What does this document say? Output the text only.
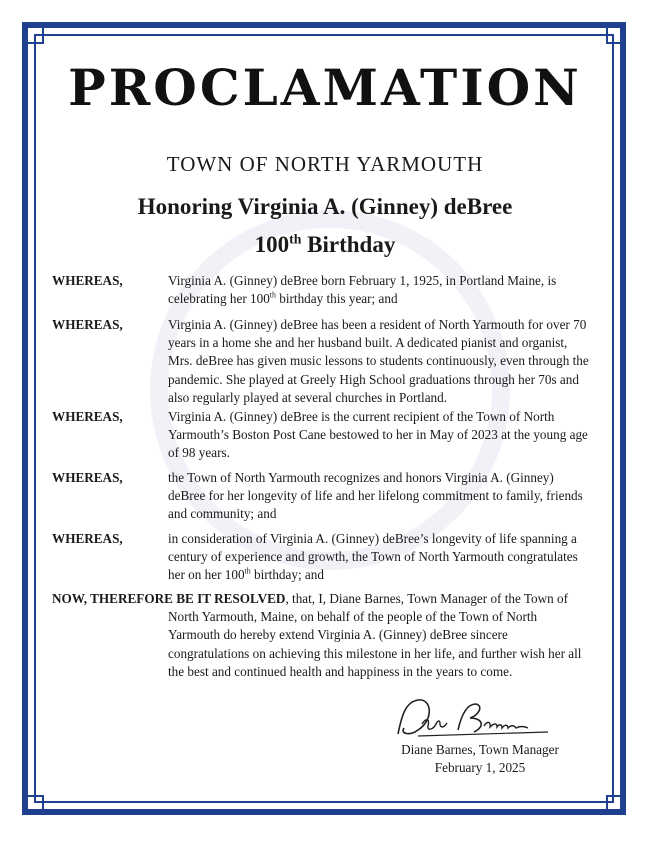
PROCLAMATION
TOWN OF NORTH YARMOUTH
Honoring Virginia A. (Ginney) deBree
100th Birthday
WHEREAS,	Virginia A. (Ginney) deBree born February 1, 1925, in Portland Maine, is celebrating her 100th birthday this year; and
WHEREAS,	Virginia A. (Ginney) deBree has been a resident of North Yarmouth for over 70 years in a home she and her husband built. A dedicated pianist and organist, Mrs. deBree has given music lessons to students continuously, even through the pandemic. She played at Greely High School graduations through her 70s and also regularly played at several churches in Portland.
WHEREAS,	Virginia A. (Ginney) deBree is the current recipient of the Town of North Yarmouth’s Boston Post Cane bestowed to her in May of 2023 at the young age of 98 years.
WHEREAS,	the Town of North Yarmouth recognizes and honors Virginia A. (Ginney) deBree for her longevity of life and her lifelong commitment to family, friends and community; and
WHEREAS,	in consideration of Virginia A. (Ginney) deBree’s longevity of life spanning a century of experience and growth, the Town of North Yarmouth congratulates her on her 100th birthday; and
NOW, THEREFORE BE IT RESOLVED, that, I, Diane Barnes, Town Manager of the Town of
North Yarmouth, Maine, on behalf of the people of the Town of North Yarmouth do hereby extend Virginia A. (Ginney) deBree sincere congratulations on achieving this milestone in her life, and further wish her all the best and continued health and happiness in the years to come.
Diane Barnes, Town Manager
February 1, 2025
